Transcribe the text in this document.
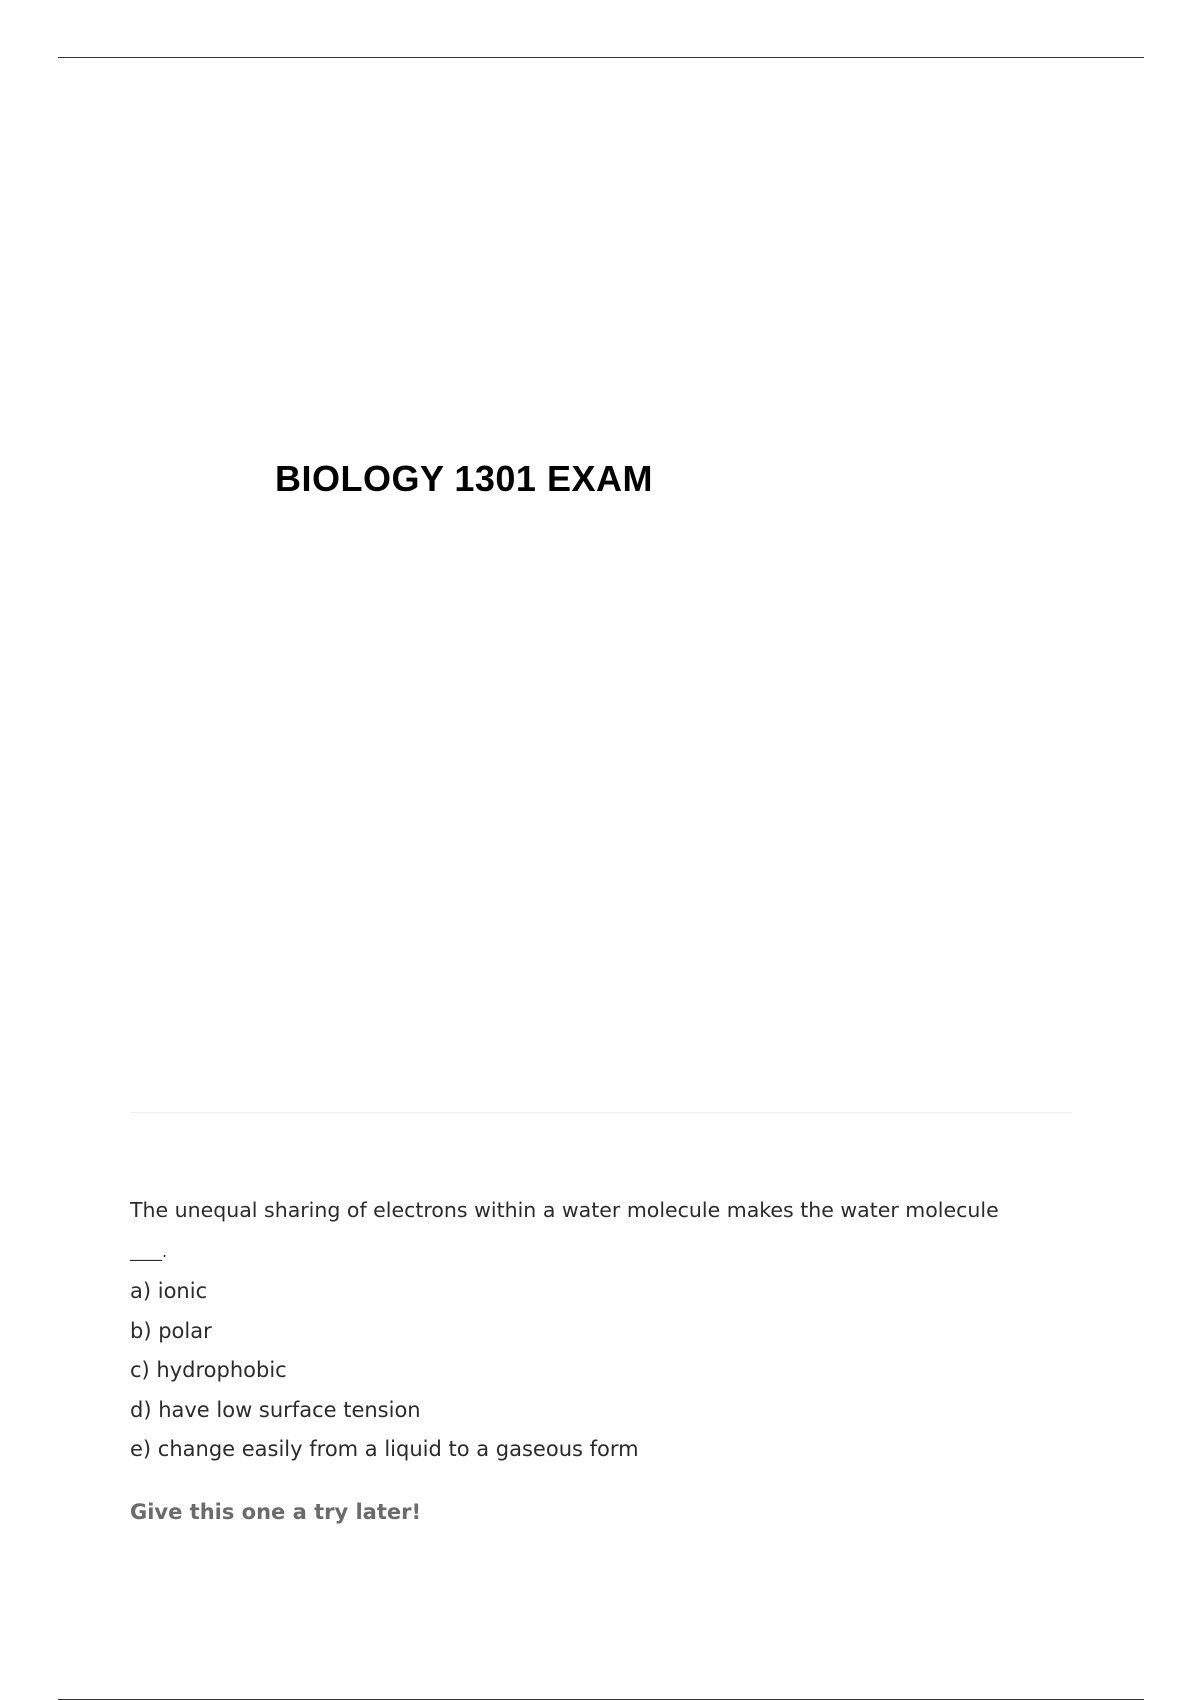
BIOLOGY 1301 EXAM

The unequal sharing of electrons within a water molecule makes the water molecule
____.

a) ionic
b) polar
c) hydrophobic
d) have low surface tension
e) change easily from a liquid to a gaseous form

Give this one a try later!
